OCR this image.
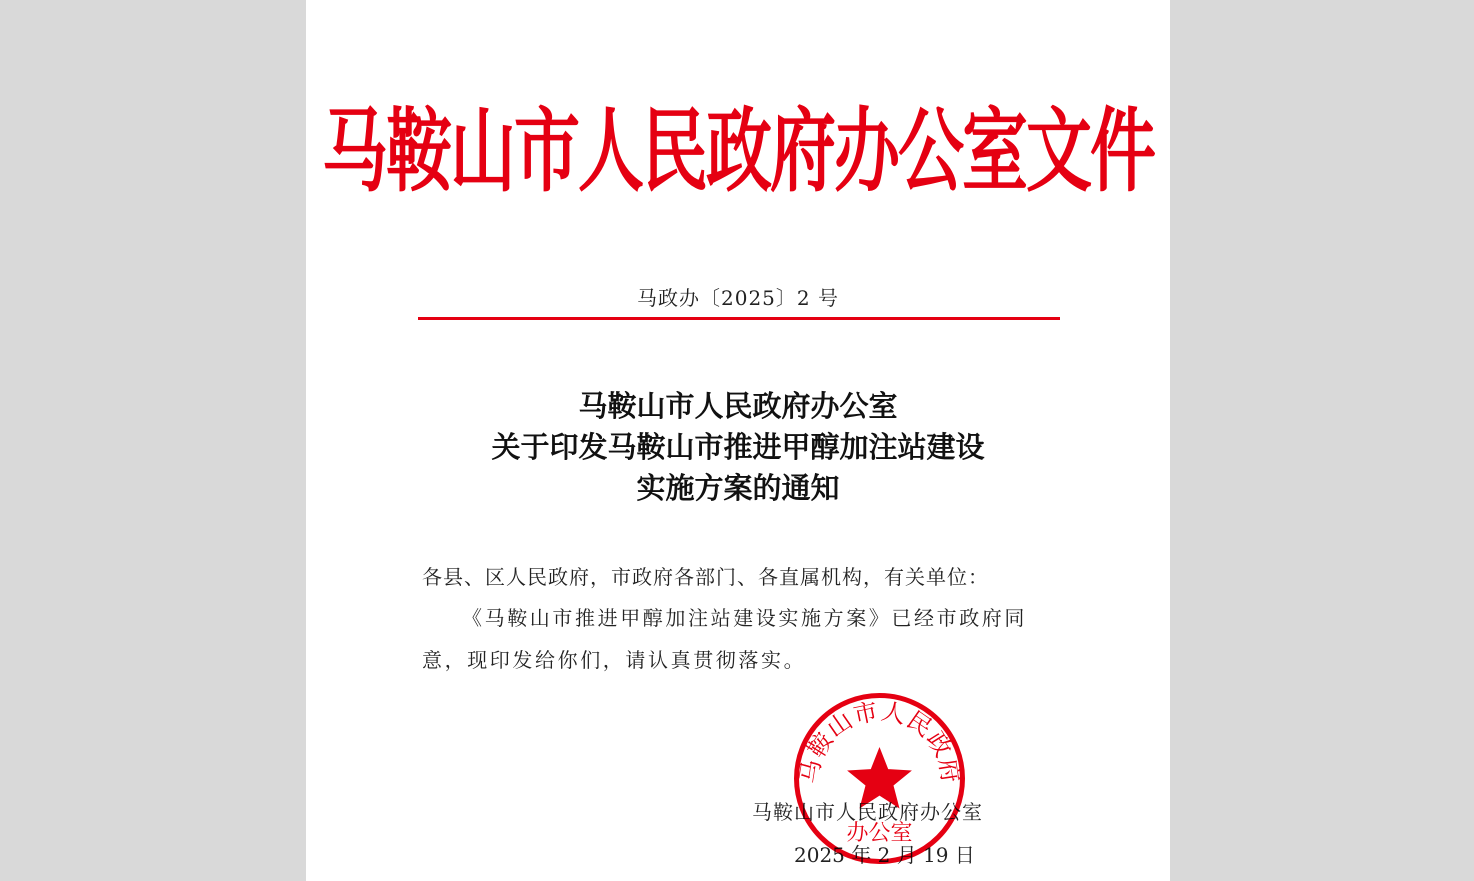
马鞍山市人民政府办公室文件
马政办〔2025〕2 号
马鞍山市人民政府办公室
关于印发马鞍山市推进甲醇加注站建设
实施方案的通知
各县、区人民政府，市政府各部门、各直属机构，有关单位：
《马鞍山市推进甲醇加注站建设实施方案》已经市政府同意，现印发给你们，请认真贯彻落实。
马鞍山市人民政府办公室
2025 年 2 月 19 日
马鞍山市人民政府
办公室
